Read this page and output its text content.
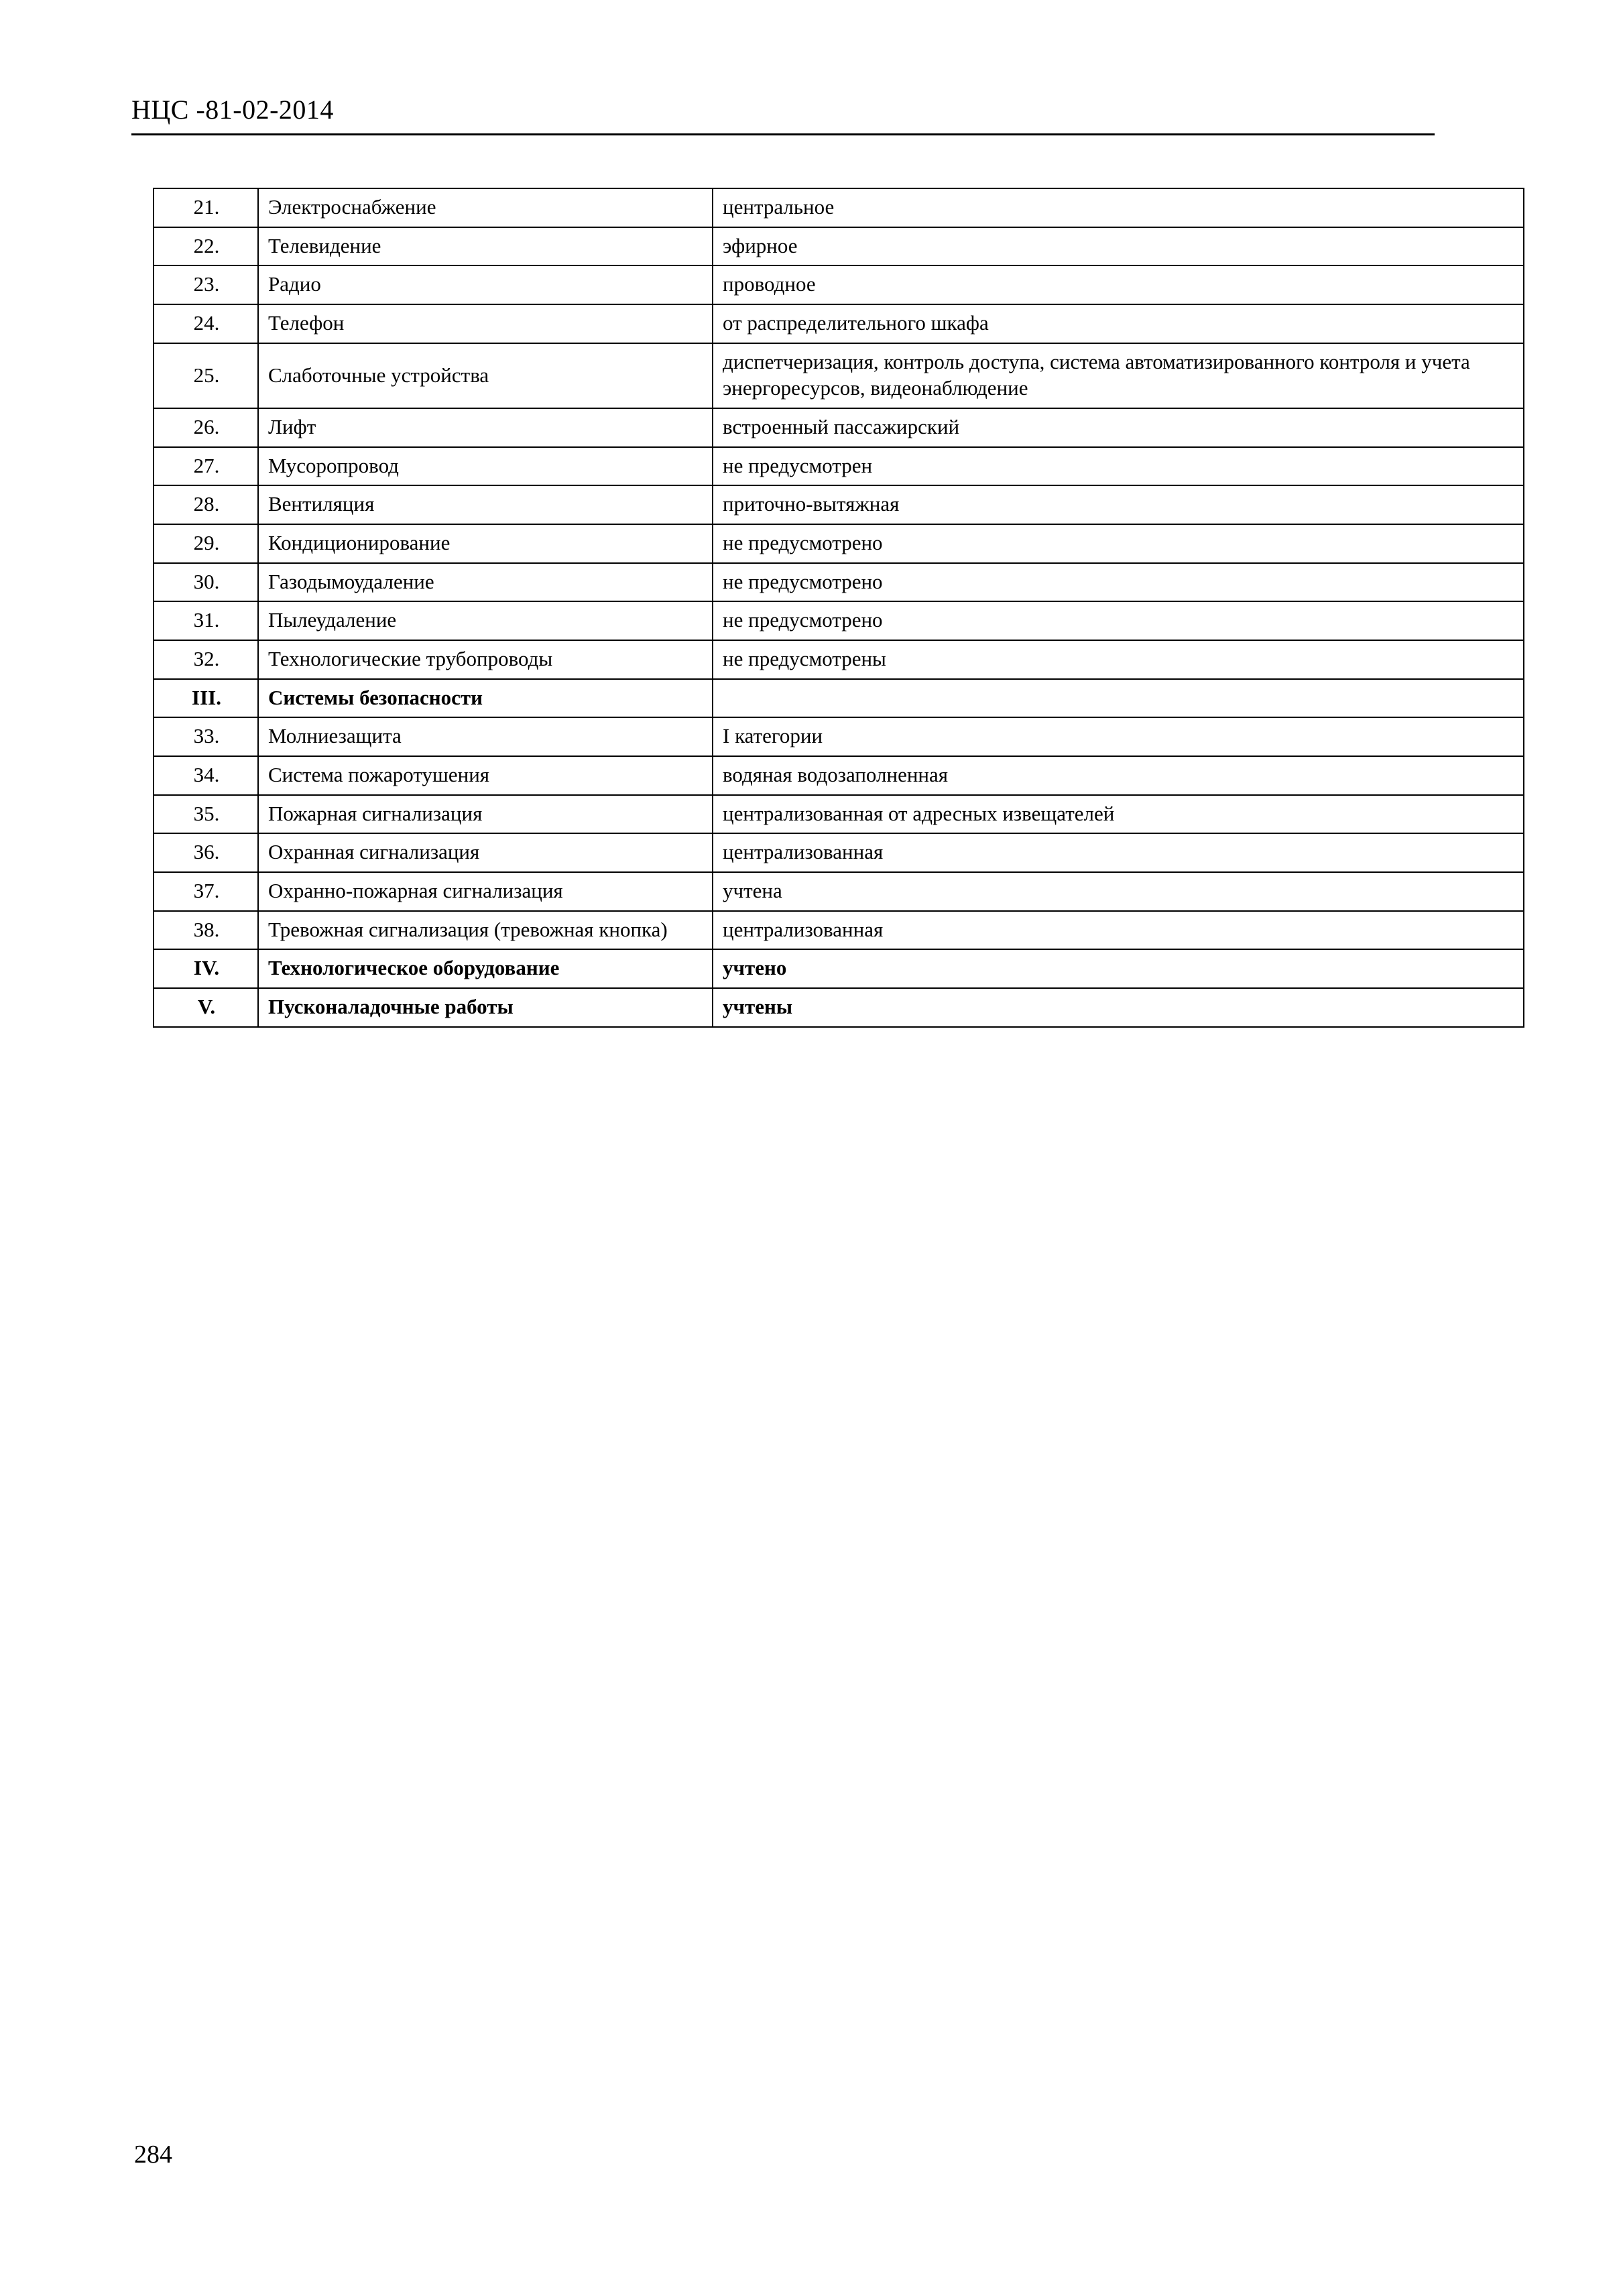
НЦС -81-02-2014
21.	Электроснабжение	центральное
22.	Телевидение	эфирное
23.	Радио	проводное
24.	Телефон	от распределительного шкафа
25.	Слаботочные устройства	диспетчеризация, контроль доступа, система автоматизированного контроля и учета энергоресурсов, видеонаблюдение
26.	Лифт	встроенный пассажирский
27.	Мусоропровод	не предусмотрен
28.	Вентиляция	приточно-вытяжная
29.	Кондиционирование	не предусмотрено
30.	Газодымоудаление	не предусмотрено
31.	Пылеудаление	не предусмотрено
32.	Технологические трубопроводы	не предусмотрены
III.	Системы безопасности	
33.	Молниезащита	I категории
34.	Система пожаротушения	водяная водозаполненная
35.	Пожарная сигнализация	централизованная от адресных извещателей
36.	Охранная сигнализация	централизованная
37.	Охранно-пожарная сигнализация	учтена
38.	Тревожная сигнализация (тревожная кнопка)	централизованная
IV.	Технологическое оборудование	учтено
V.	Пусконаладочные работы	учтены
284
